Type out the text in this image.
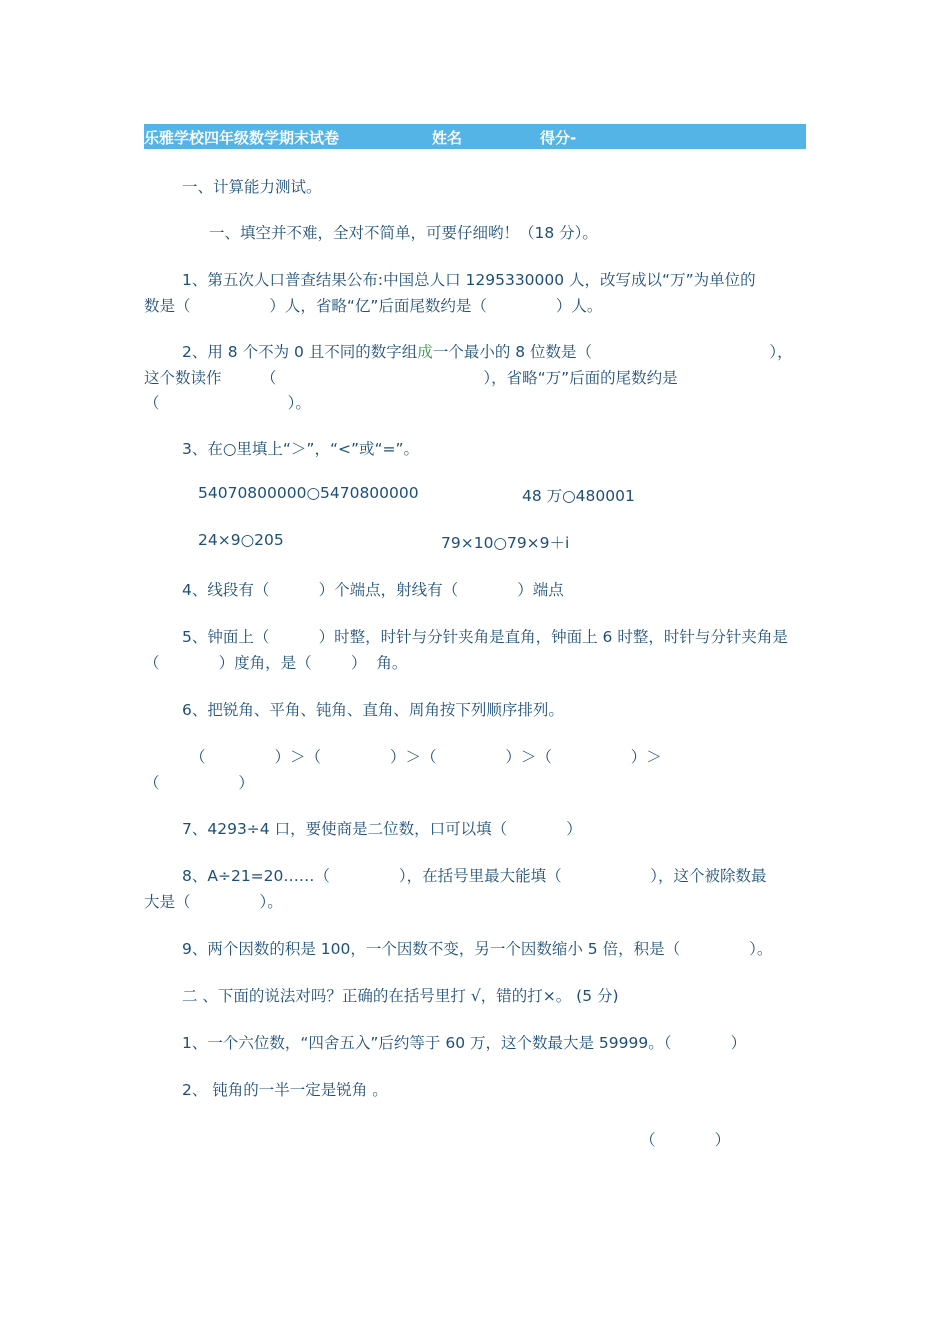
乐雅学校四年级数学期末试卷	姓名	得分-
一、计算能力测试。
一、填空并不难，全对不简单，可要仔细哟！（18 分）。
1、第五次人口普查结果公布:中国总人口 1295330000 人，改写成以“万”为单位的
数是（                ）人，省略“亿”后面尾数约是（              ）人。
2、用 8 个不为 0 且不同的数字组成一个最小的 8 位数是（                                    ），
这个数读作        （                                          ），省略“万”后面的尾数约是
（                          ）。
3、在○里填上“＞”，“<”或“=”。
54070800000○5470800000	48 万○480001
24×9○205	79×10○79×9＋i
4、线段有（          ）个端点，射线有（            ）端点
5、钟面上（          ）时整，时针与分针夹角是直角，钟面上 6 时整，时针与分针夹角是
（            ）度角，是（        ）  角。
6、把锐角、平角、钝角、直角、周角按下列顺序排列。
（              ）＞（              ）＞（              ）＞（                ）＞
（                ）
7、4293÷4 口，要使商是二位数，口可以填（            ）
8、A÷21=20……（              ），在括号里最大能填（                  ），这个被除数最
大是（              ）。
9、两个因数的积是 100，一个因数不变，另一个因数缩小 5 倍，积是（              ）。
二 、下面的说法对吗？正确的在括号里打 √，错的打×。 (5 分)
1、一个六位数，“四舍五入”后约等于 60 万，这个数最大是 59999。（            ）
2、 钝角的一半一定是锐角 。
（            ）
